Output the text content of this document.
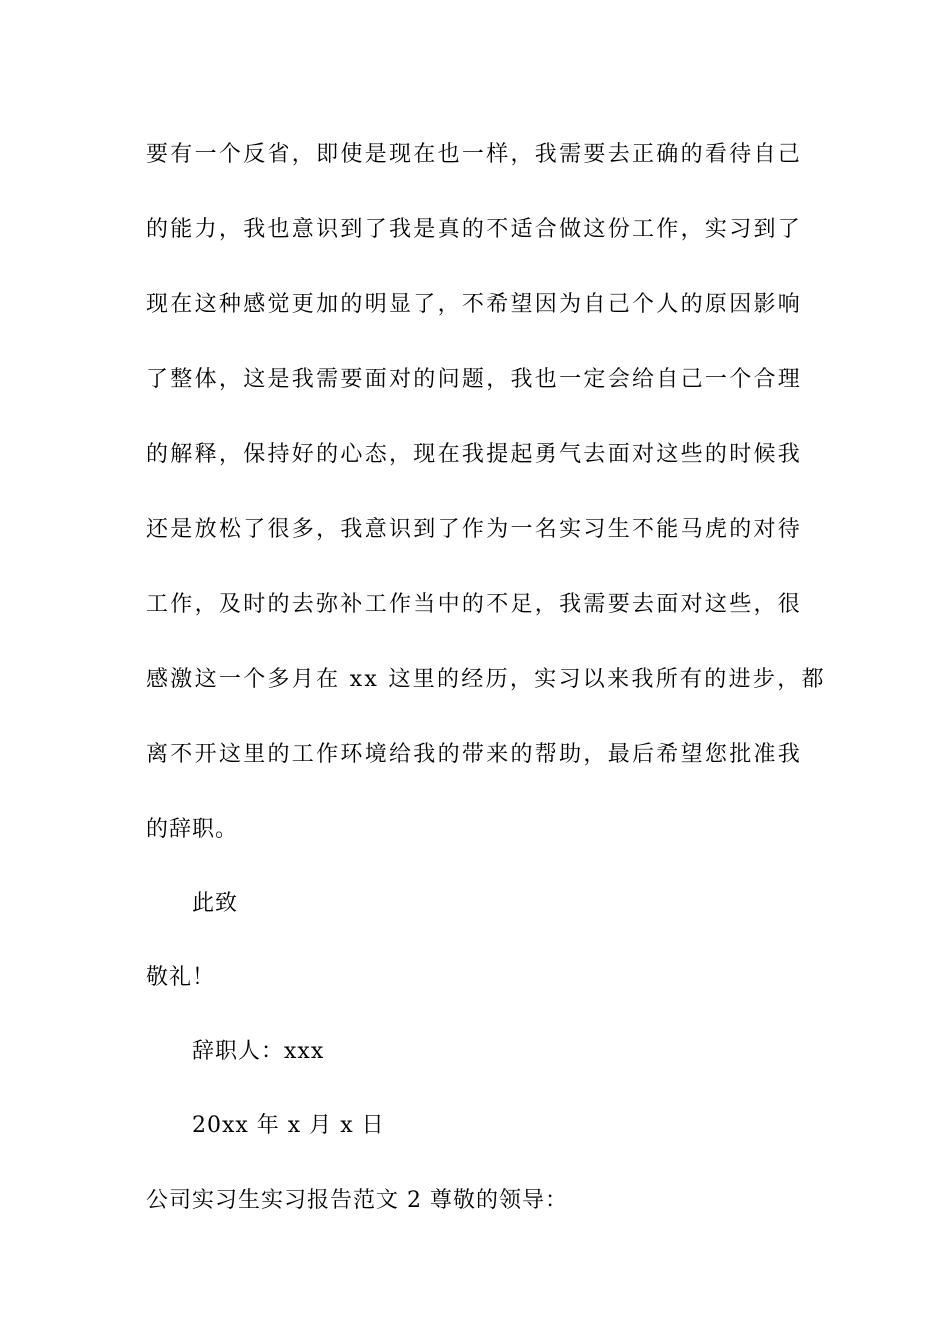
要有一个反省，即使是现在也一样，我需要去正确的看待自己
的能力，我也意识到了我是真的不适合做这份工作，实习到了
现在这种感觉更加的明显了，不希望因为自己个人的原因影响
了整体，这是我需要面对的问题，我也一定会给自己一个合理
的解释，保持好的心态，现在我提起勇气去面对这些的时候我
还是放松了很多，我意识到了作为一名实习生不能马虎的对待
工作，及时的去弥补工作当中的不足，我需要去面对这些，很
感激这一个多月在 xx 这里的经历，实习以来我所有的进步，都
离不开这里的工作环境给我的带来的帮助，最后希望您批准我
的辞职。
此致
敬礼！
辞职人：xxx
20xx 年 x 月 x 日
公司实习生实习报告范文 2 尊敬的领导：
